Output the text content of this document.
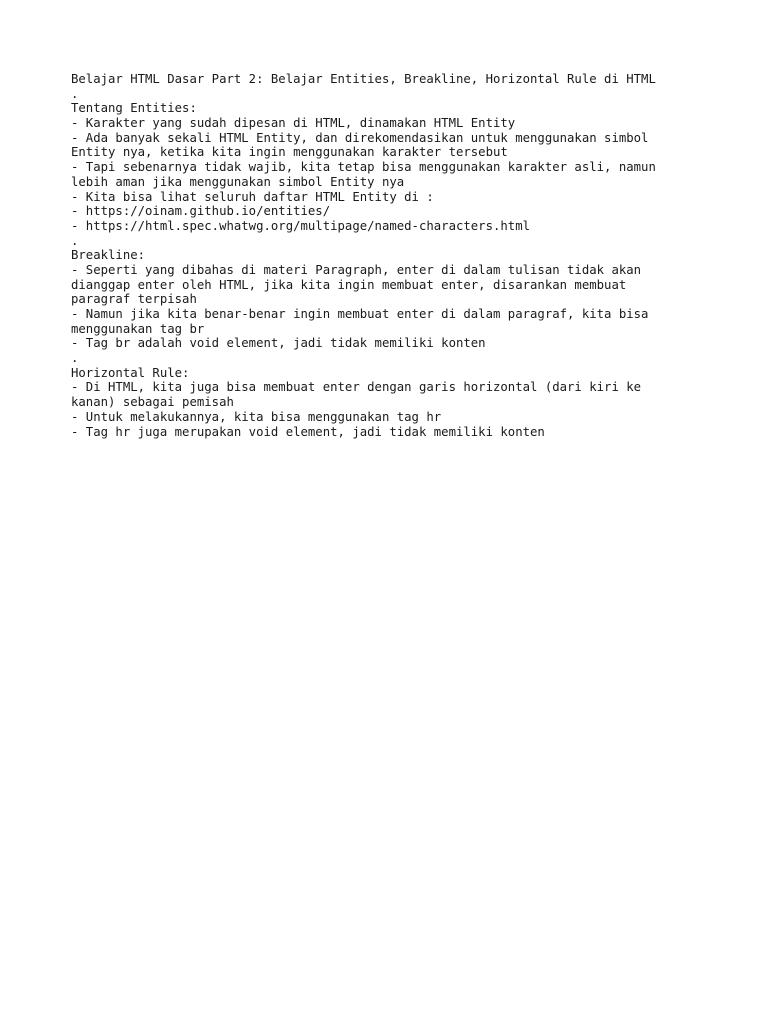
Belajar HTML Dasar Part 2: Belajar Entities, Breakline, Horizontal Rule di HTML

.

Tentang Entities:

- Karakter yang sudah dipesan di HTML, dinamakan HTML Entity

- Ada banyak sekali HTML Entity, dan direkomendasikan untuk menggunakan simbol

Entity nya, ketika kita ingin menggunakan karakter tersebut

- Tapi sebenarnya tidak wajib, kita tetap bisa menggunakan karakter asli, namun

lebih aman jika menggunakan simbol Entity nya

- Kita bisa lihat seluruh daftar HTML Entity di :

- https://oinam.github.io/entities/

- https://html.spec.whatwg.org/multipage/named-characters.html

.

Breakline:

- Seperti yang dibahas di materi Paragraph, enter di dalam tulisan tidak akan

dianggap enter oleh HTML, jika kita ingin membuat enter, disarankan membuat

paragraf terpisah

- Namun jika kita benar-benar ingin membuat enter di dalam paragraf, kita bisa

menggunakan tag br

- Tag br adalah void element, jadi tidak memiliki konten

.

Horizontal Rule:

- Di HTML, kita juga bisa membuat enter dengan garis horizontal (dari kiri ke

kanan) sebagai pemisah

- Untuk melakukannya, kita bisa menggunakan tag hr

- Tag hr juga merupakan void element, jadi tidak memiliki konten
